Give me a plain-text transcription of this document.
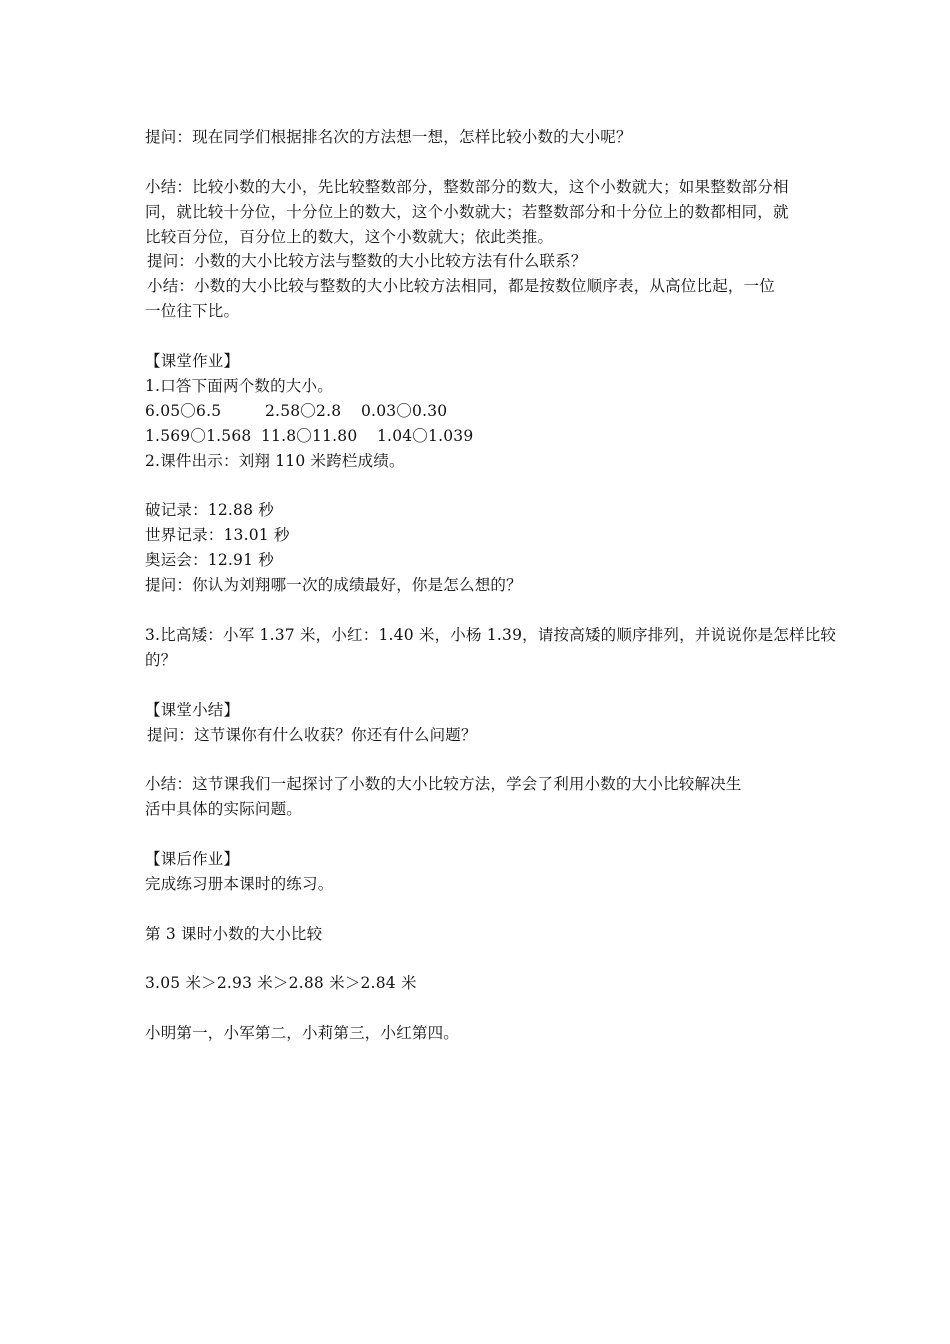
提问：现在同学们根据排名次的方法想一想，怎样比较小数的大小呢？
小结：比较小数的大小，先比较整数部分，整数部分的数大，这个小数就大；如果整数部分相
同，就比较十分位，十分位上的数大，这个小数就大；若整数部分和十分位上的数都相同，就
比较百分位，百分位上的数大，这个小数就大；依此类推。
提问：小数的大小比较方法与整数的大小比较方法有什么联系？
小结：小数的大小比较与整数的大小比较方法相同，都是按数位顺序表，从高位比起，一位
一位往下比。
【课堂作业】
1.口答下面两个数的大小。
6.05〇6.5	2.58〇2.8 0.03〇0.30
1.569〇1.568 11.8〇11.80 1.04〇1.039
2.课件出示：刘翔 110 米跨栏成绩。
破记录：12.88 秒
世界记录：13.01 秒
奥运会：12.91 秒
提问：你认为刘翔哪一次的成绩最好，你是怎么想的？
3.比高矮：小军 1.37 米，小红：1.40 米，小杨 1.39，请按高矮的顺序排列，并说说你是怎样比较
的？
【课堂小结】
提问：这节课你有什么收获？你还有什么问题？
小结：这节课我们一起探讨了小数的大小比较方法，学会了利用小数的大小比较解决生
活中具体的实际问题。
【课后作业】
完成练习册本课时的练习。
第 3 课时小数的大小比较
3.05 米＞2.93 米＞2.88 米＞2.84 米
小明第一，小军第二，小莉第三，小红第四。
